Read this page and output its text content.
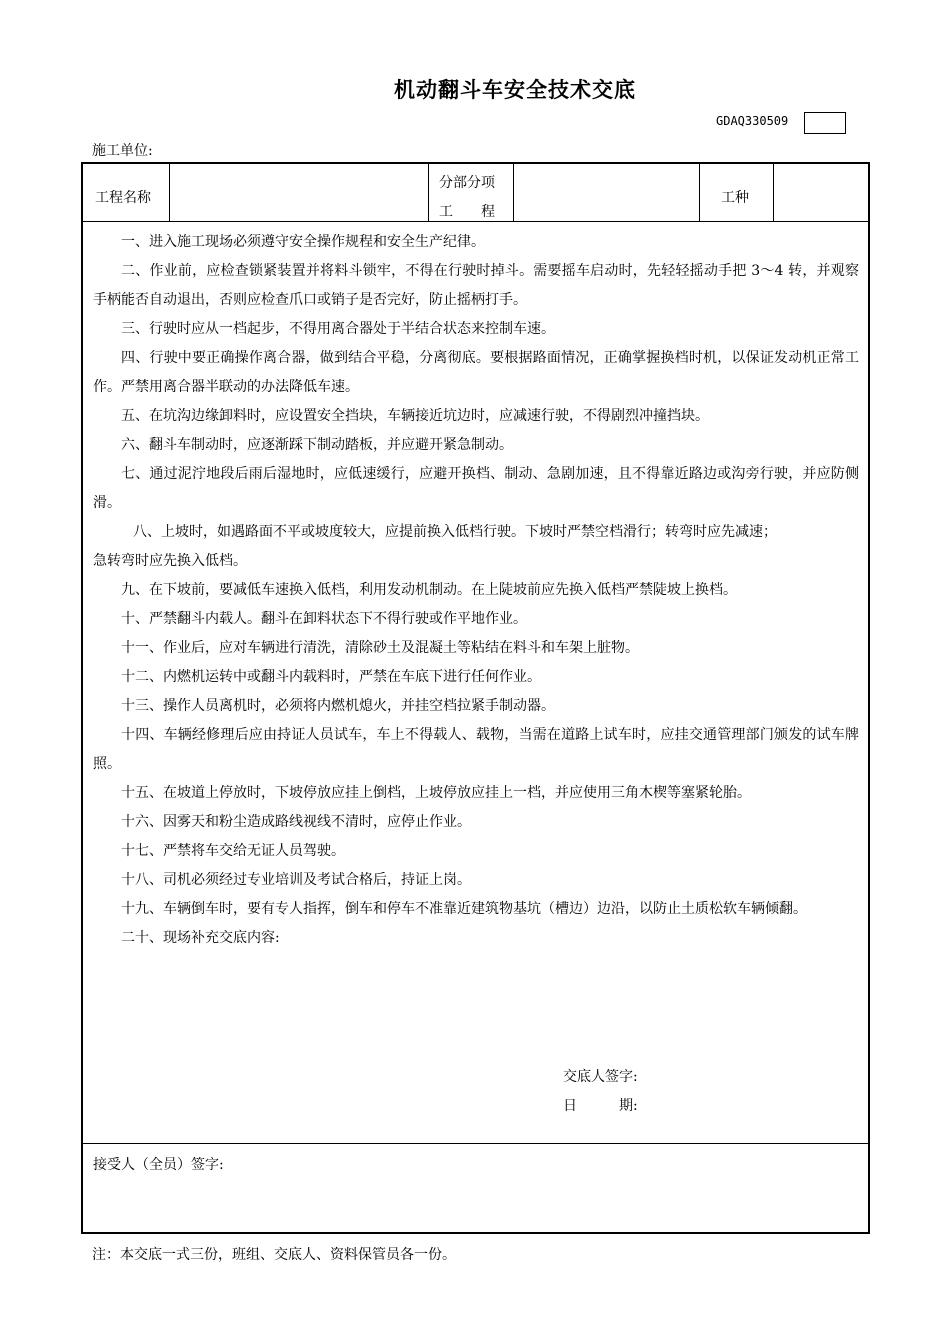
机动翻斗车安全技术交底
GDAQ330509
施工单位:
工程名称
分部分项
工　　程
工种

一、进入施工现场必须遵守安全操作规程和安全生产纪律。

二、作业前，应检查锁紧装置并将料斗锁牢，不得在行驶时掉斗。需要摇车启动时，先轻轻摇动手把 3～4 转，并观察手柄能否自动退出，否则应检查爪口或销子是否完好，防止摇柄打手。

三、行驶时应从一档起步，不得用离合器处于半结合状态来控制车速。

四、行驶中要正确操作离合器，做到结合平稳，分离彻底。要根据路面情况，正确掌握换档时机，以保证发动机正常工作。严禁用离合器半联动的办法降低车速。

五、在坑沟边缘卸料时，应设置安全挡块，车辆接近坑边时，应减速行驶，不得剧烈冲撞挡块。

六、翻斗车制动时，应逐渐踩下制动踏板，并应避开紧急制动。

七、通过泥泞地段后雨后湿地时，应低速缓行，应避开换档、制动、急剧加速，且不得靠近路边或沟旁行驶，并应防侧滑。

八、上坡时，如遇路面不平或坡度较大，应提前换入低档行驶。下坡时严禁空档滑行；转弯时应先减速；

急转弯时应先换入低档。

九、在下坡前，要减低车速换入低档，利用发动机制动。在上陡坡前应先换入低档严禁陡坡上换档。

十、严禁翻斗内载人。翻斗在卸料状态下不得行驶或作平地作业。

十一、作业后，应对车辆进行清洗，清除砂土及混凝土等粘结在料斗和车架上脏物。

十二、内燃机运转中或翻斗内载料时，严禁在车底下进行任何作业。

十三、操作人员离机时，必须将内燃机熄火，并挂空档拉紧手制动器。

十四、车辆经修理后应由持证人员试车，车上不得载人、载物，当需在道路上试车时，应挂交通管理部门颁发的试车牌照。

十五、在坡道上停放时，下坡停放应挂上倒档，上坡停放应挂上一档，并应使用三角木楔等塞紧轮胎。

十六、因雾天和粉尘造成路线视线不清时，应停止作业。

十七、严禁将车交给无证人员驾驶。

十八、司机必须经过专业培训及考试合格后，持证上岗。

十九、车辆倒车时，要有专人指挥，倒车和停车不准靠近建筑物基坑（槽边）边沿，以防止土质松软车辆倾翻。

二十、现场补充交底内容:

交底人签字:
日　　　期:
接受人（全员）签字:
注：本交底一式三份，班组、交底人、资料保管员各一份。
